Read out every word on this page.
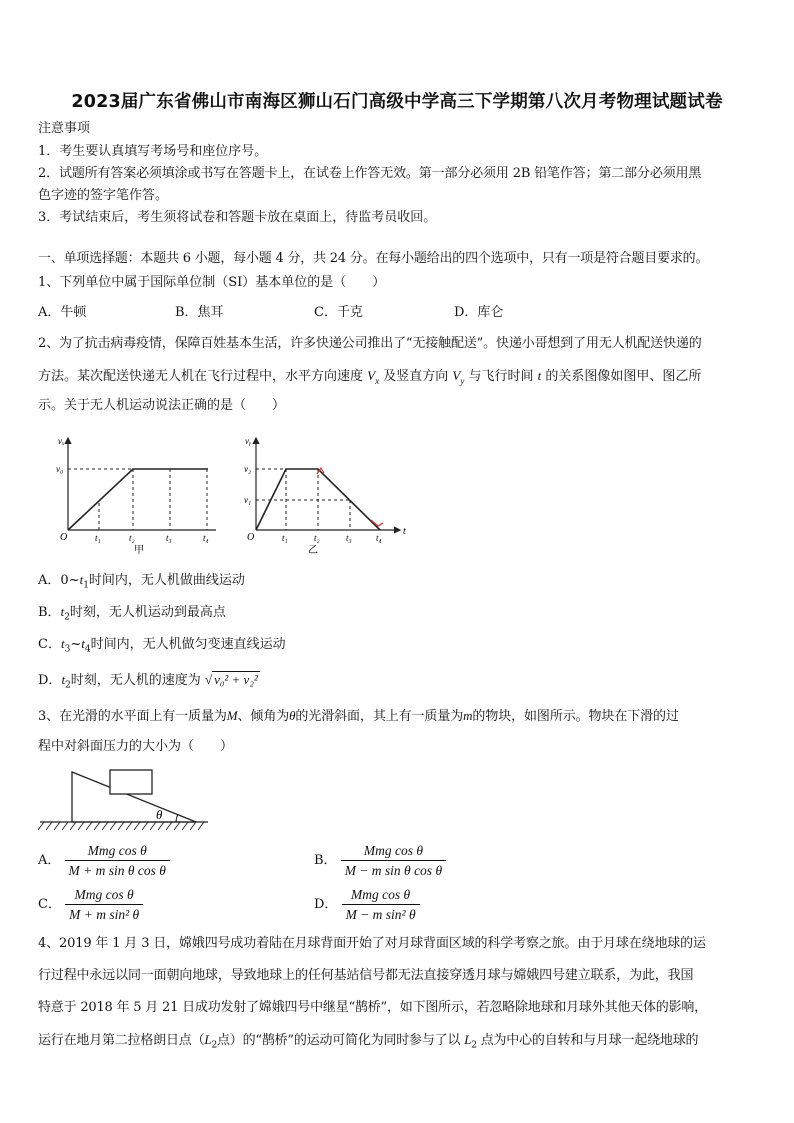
2023届广东省佛山市南海区狮山石门高级中学高三下学期第八次月考物理试题试卷
注意事项
1．考生要认真填写考场号和座位序号。
2．试题所有答案必须填涂或书写在答题卡上，在试卷上作答无效。第一部分必须用 2B 铅笔作答；第二部分必须用黑
色字迹的签字笔作答。
3．考试结束后，考生须将试卷和答题卡放在桌面上，待监考员收回。
一、单项选择题：本题共 6 小题，每小题 4 分，共 24 分。在每小题给出的四个选项中，只有一项是符合题目要求的。
1、下列单位中属于国际单位制（SI）基本单位的是（　　）
A．牛顿	B．焦耳	C．千克	D．库仑
2、为了抗击病毒疫情，保障百姓基本生活，许多快递公司推出了“无接触配送”。快递小哥想到了用无人机配送快递的
方法。某次配送快递无人机在飞行过程中，水平方向速度 $V_x$ 及竖直方向 $V_y$ 与飞行时间 t 的关系图像如图甲、图乙所
示。关于无人机运动说法正确的是（　　）
vₓ
v₀
O	t₁	t₂	t₃	t₄
甲
vᵧ
v₂
v₁
O	t₁	t₂	t₃	t₄
t
乙
A．$0\sim t_1$时间内，无人机做曲线运动
B．$t_2$时刻，无人机运动到最高点
C．$t_3\sim t_4$时间内，无人机做匀变速直线运动
D．$t_2$时刻，无人机的速度为 √ v₀² + v₂²
3、在光滑的水平面上有一质量为M、倾角为θ的光滑斜面，其上有一质量为m的物块，如图所示。物块在下滑的过
程中对斜面压力的大小为（　　）
θ
A． $\frac{\text{Mmg cos θ}}{\text{M + m sin θ cos θ}}$	B． $\frac{\text{Mmg cos θ}}{\text{M − m sin θ cos θ}}$
C． $\frac{\text{Mmg cos θ}}{\text{M + m sin² θ}}$	D． $\frac{\text{Mmg cos θ}}{\text{M − m sin² θ}}$
4、2019 年 1 月 3 日，嫦娥四号成功着陆在月球背面开始了对月球背面区域的科学考察之旅。由于月球在绕地球的运
行过程中永远以同一面朝向地球，导致地球上的任何基站信号都无法直接穿透月球与嫦娥四号建立联系，为此，我国
特意于 2018 年 5 月 21 日成功发射了嫦娥四号中继星“鹊桥”，如下图所示，若忽略除地球和月球外其他天体的影响，
运行在地月第二拉格朗日点（$L_2$点）的“鹊桥”的运动可简化为同时参与了以 $L_2$ 点为中心的自转和与月球一起绕地球的
